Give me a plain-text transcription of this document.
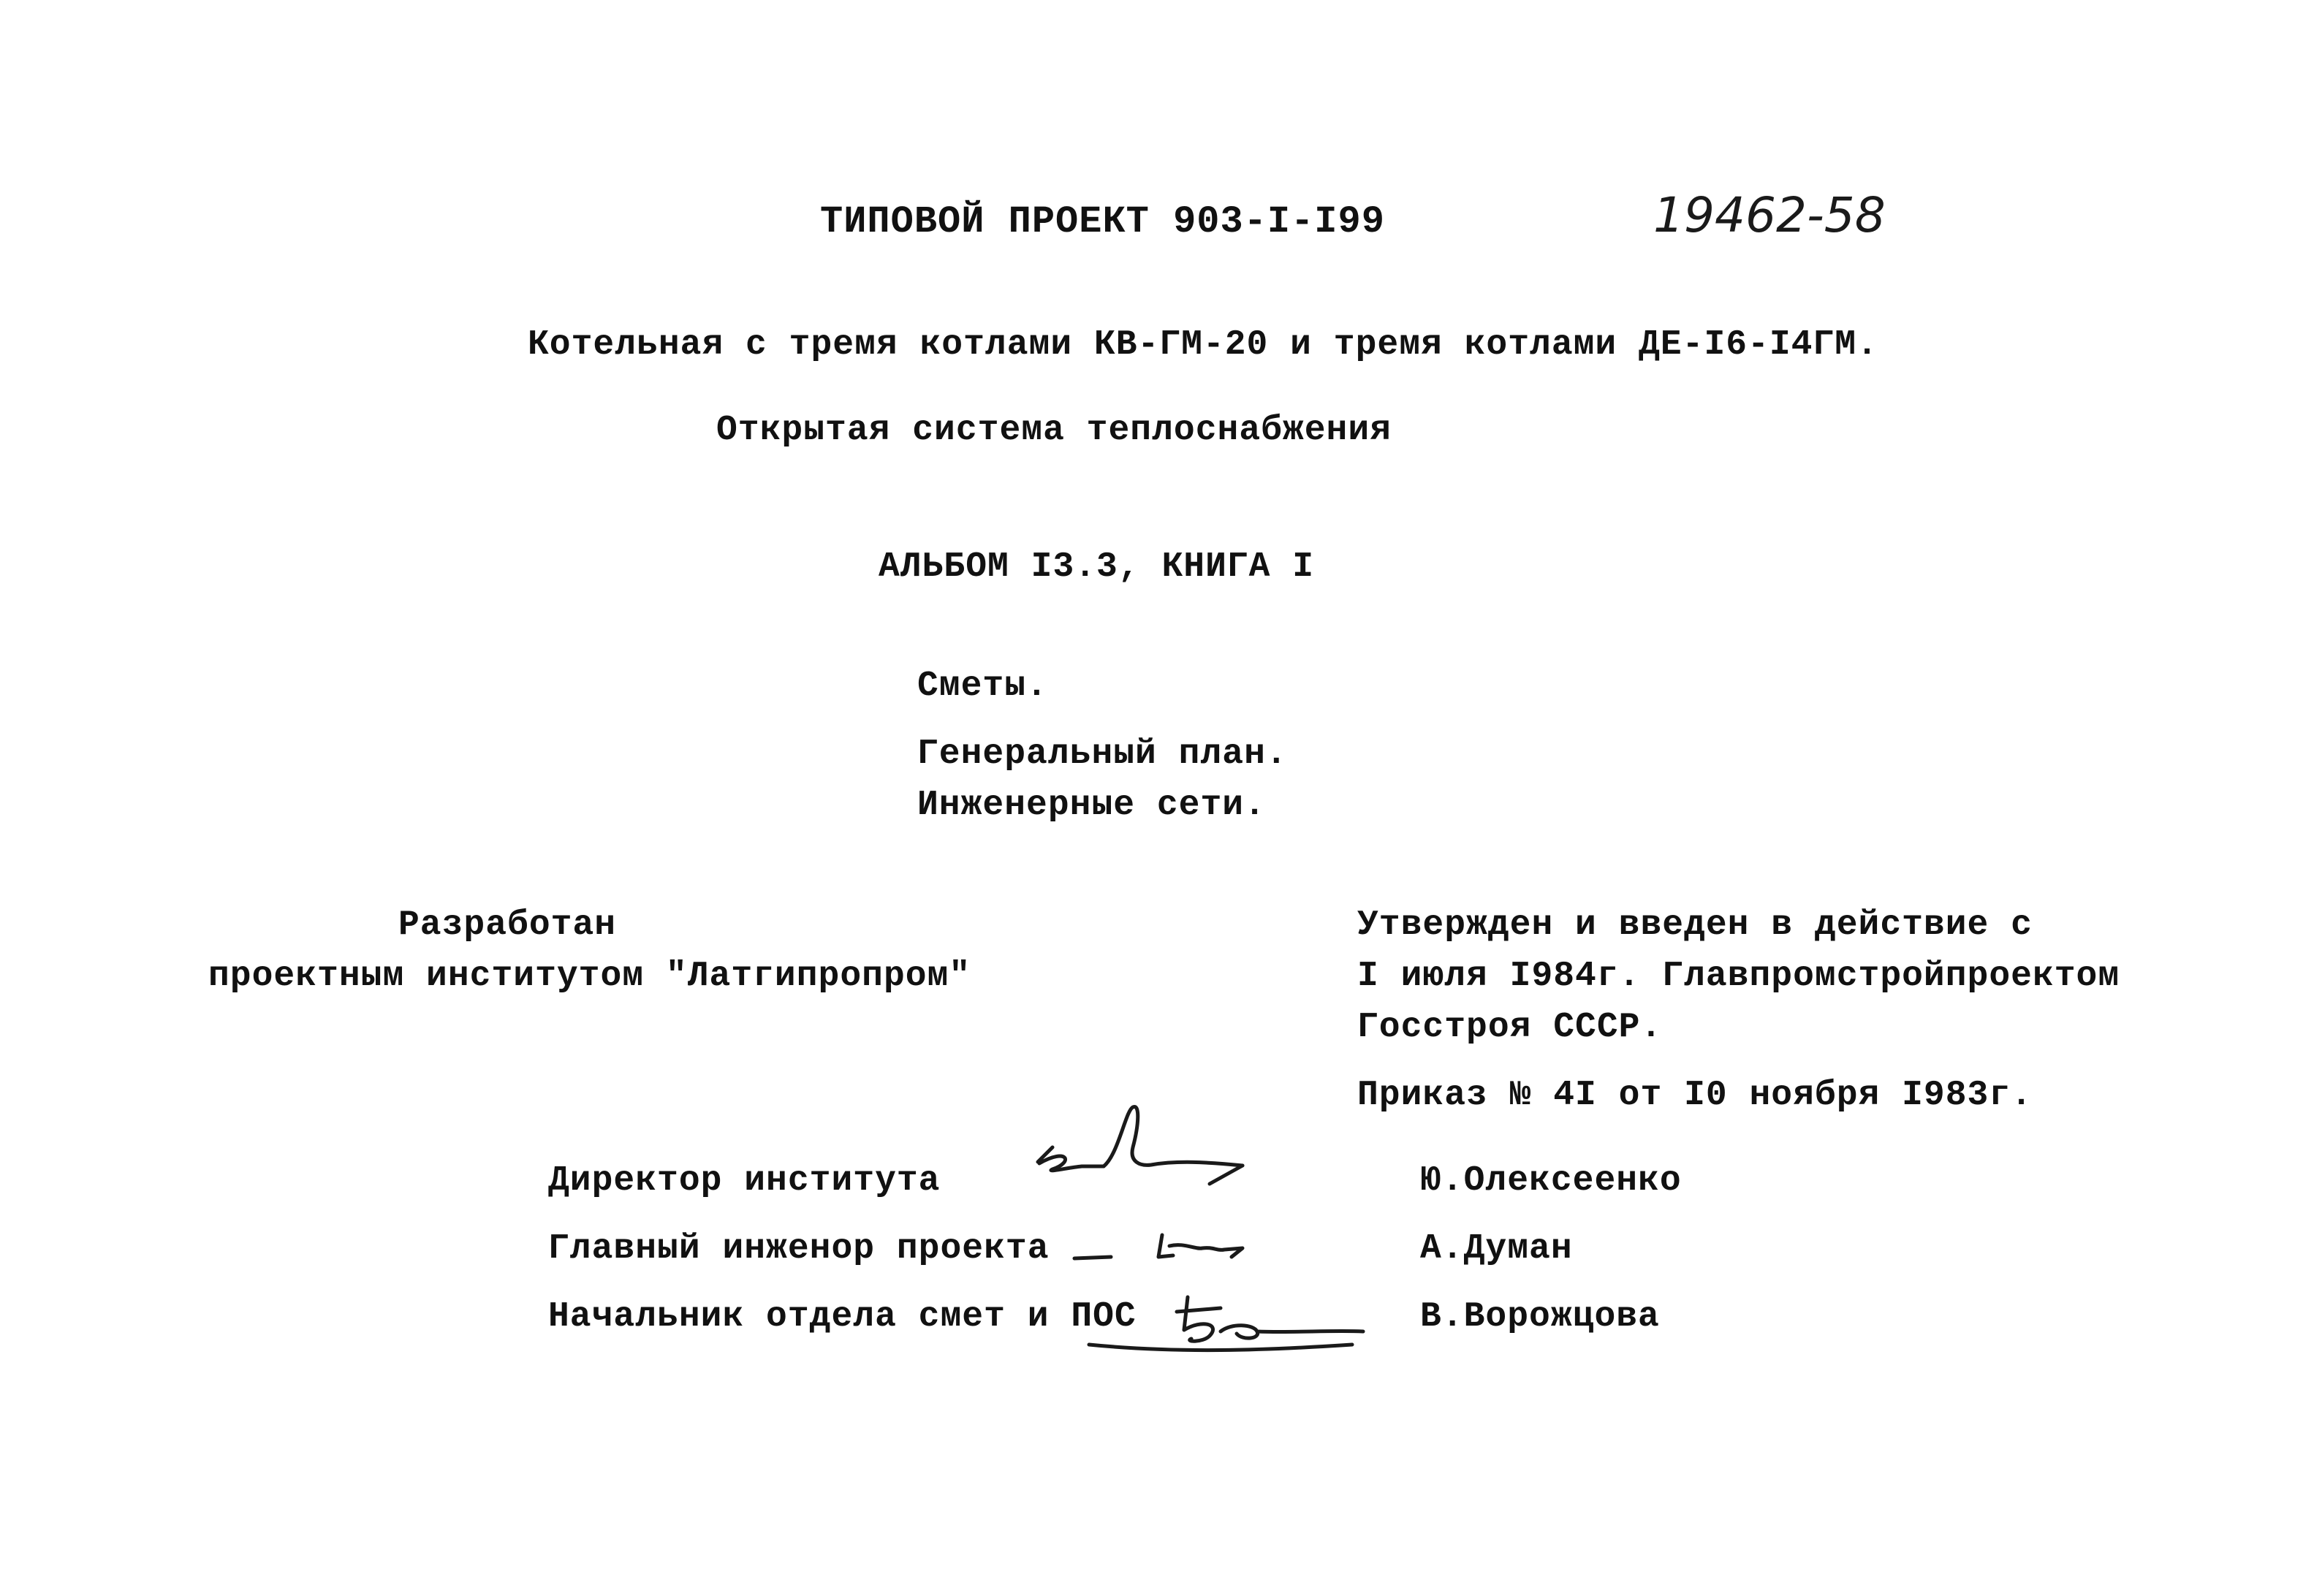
ТИПОВОЙ ПРОЕКТ 903-I-I99	19462-58
Котельная с тремя котлами КВ-ГМ-20 и тремя котлами ДЕ-I6-I4ГМ.
Открытая система теплоснабжения
АЛЬБОМ I3.3, КНИГА I
Сметы.
Генеральный план.
Инженерные сети.
Разработан
проектным институтом "Латгипропром"
Утвержден и введен в действие с
I июля I984г. Главпромстройпроектом
Госстроя СССР.
Приказ № 4I от I0 ноября I983г.
Директор института	Ю.Олексеенко
Главный инженор проекта	А.Думан
Начальник отдела смет и ПОС	В.Ворожцова
